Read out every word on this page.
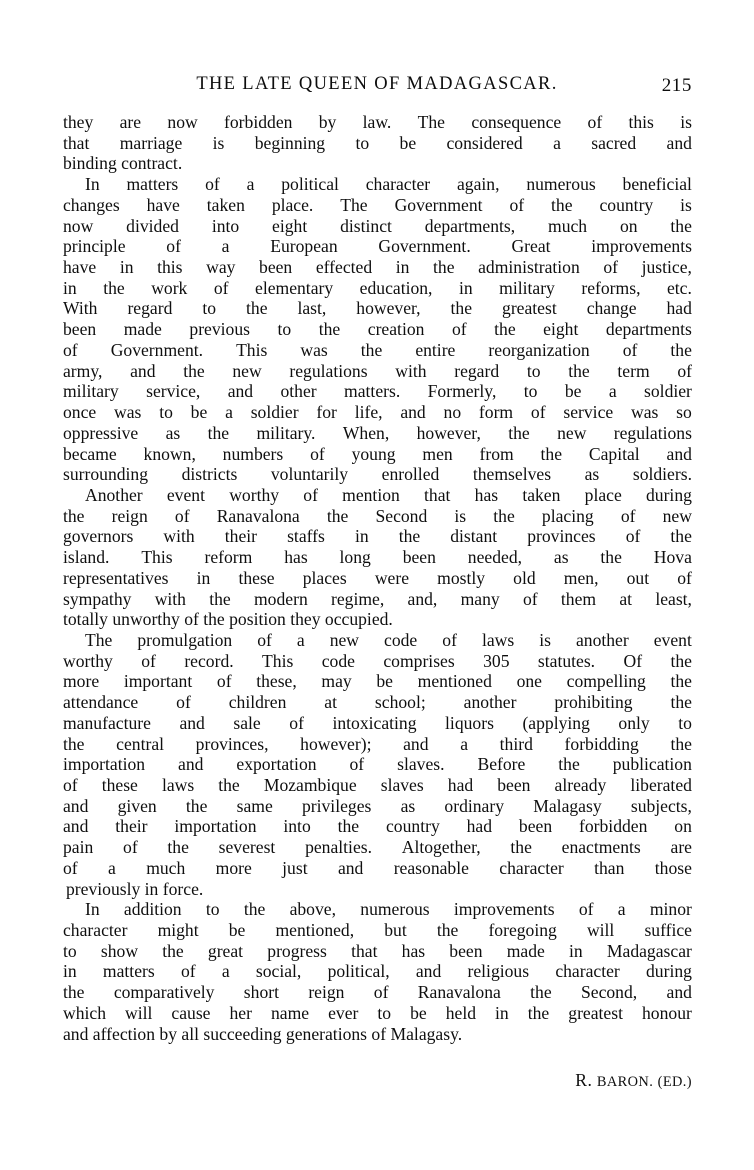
THE LATE QUEEN OF MADAGASCAR.	215
they are now forbidden by law. The consequence of this is
that marriage is beginning to be considered a sacred and
binding contract.
In matters of a political character again, numerous beneficial
changes have taken place. The Government of the country is
now divided into eight distinct departments, much on the
principle of a European Government. Great improvements
have in this way been effected in the administration of justice,
in the work of elementary education, in military reforms, etc.
With regard to the last, however, the greatest change had
been made previous to the creation of the eight departments
of Government. This was the entire reorganization of the
army, and the new regulations with regard to the term of
military service, and other matters. Formerly, to be a soldier
once was to be a soldier for life, and no form of service was so
oppressive as the military. When, however, the new regulations
became known, numbers of young men from the Capital and
surrounding districts voluntarily enrolled themselves as soldiers.
Another event worthy of mention that has taken place during
the reign of Ranavalona the Second is the placing of new
governors with their staffs in the distant provinces of the
island. This reform has long been needed, as the Hova
representatives in these places were mostly old men, out of
sympathy with the modern regime, and, many of them at least,
totally unworthy of the position they occupied.
The promulgation of a new code of laws is another event
worthy of record. This code comprises 305 statutes. Of the
more important of these, may be mentioned one compelling the
attendance of children at school; another prohibiting the
manufacture and sale of intoxicating liquors (applying only to
the central provinces, however); and a third forbidding the
importation and exportation of slaves. Before the publication
of these laws the Mozambique slaves had been already liberated
and given the same privileges as ordinary Malagasy subjects,
and their importation into the country had been forbidden on
pain of the severest penalties. Altogether, the enactments are
of a much more just and reasonable character than those
previously in force.
In addition to the above, numerous improvements of a minor
character might be mentioned, but the foregoing will suffice
to show the great progress that has been made in Madagascar
in matters of a social, political, and religious character during
the comparatively short reign of Ranavalona the Second, and
which will cause her name ever to be held in the greatest honour
and affection by all succeeding generations of Malagasy.
R. BARON. (ED.)
